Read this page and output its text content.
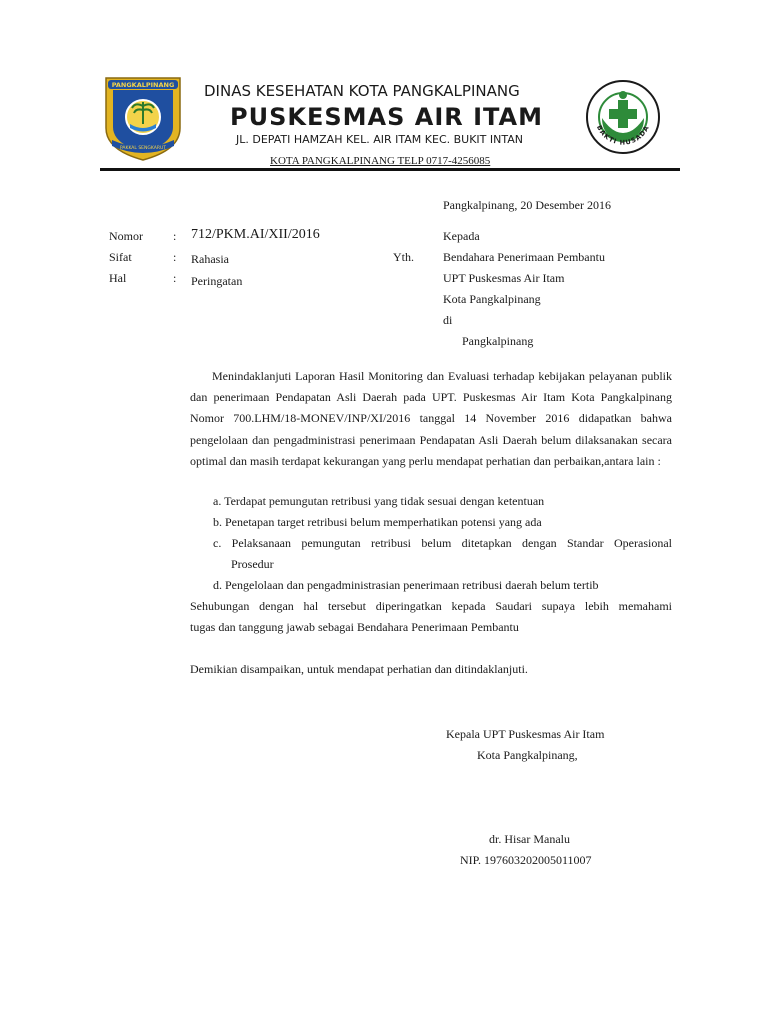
PANGKALPINANG
PAKKAL SENGKARUT
BAKTI HUSADA
DINAS KESEHATAN KOTA PANGKALPINANG
PUSKESMAS AIR ITAM
JL. DEPATI HAMZAH KEL. AIR ITAM KEC. BUKIT INTAN
KOTA PANGKALPINANG TELP 0717-4256085
Pangkalpinang, 20 Desember 2016
Nomor	: 712/PKM.AI/XII/2016
Sifat	: Rahasia
Hal	: Peringatan
Kepada
Yth. Bendahara Penerimaan Pembantu
UPT Puskesmas Air Itam
Kota Pangkalpinang
di
Pangkalpinang
Menindaklanjuti Laporan Hasil Monitoring dan Evaluasi terhadap kebijakan pelayanan publik dan penerimaan Pendapatan Asli Daerah pada UPT. Puskesmas Air Itam Kota Pangkalpinang Nomor 700.LHM/18-MONEV/INP/XI/2016 tanggal 14 November 2016 didapatkan bahwa pengelolaan dan pengadministrasi penerimaan Pendapatan Asli Daerah belum dilaksanakan secara optimal dan masih terdapat kekurangan yang perlu mendapat perhatian dan perbaikan,antara lain :
a. Terdapat pemungutan retribusi yang tidak sesuai dengan ketentuan
b. Penetapan target retribusi belum memperhatikan potensi yang ada
c. Pelaksanaan pemungutan retribusi belum ditetapkan dengan Standar Operasional
Prosedur
d. Pengelolaan dan pengadministrasian penerimaan retribusi daerah belum tertib
Sehubungan dengan hal tersebut diperingatkan kepada Saudari supaya lebih memahami
tugas dan tanggung jawab sebagai Bendahara Penerimaan Pembantu
Demikian disampaikan, untuk mendapat perhatian dan ditindaklanjuti.
Kepala UPT Puskesmas Air Itam
Kota Pangkalpinang,
dr. Hisar Manalu
NIP. 197603202005011007
